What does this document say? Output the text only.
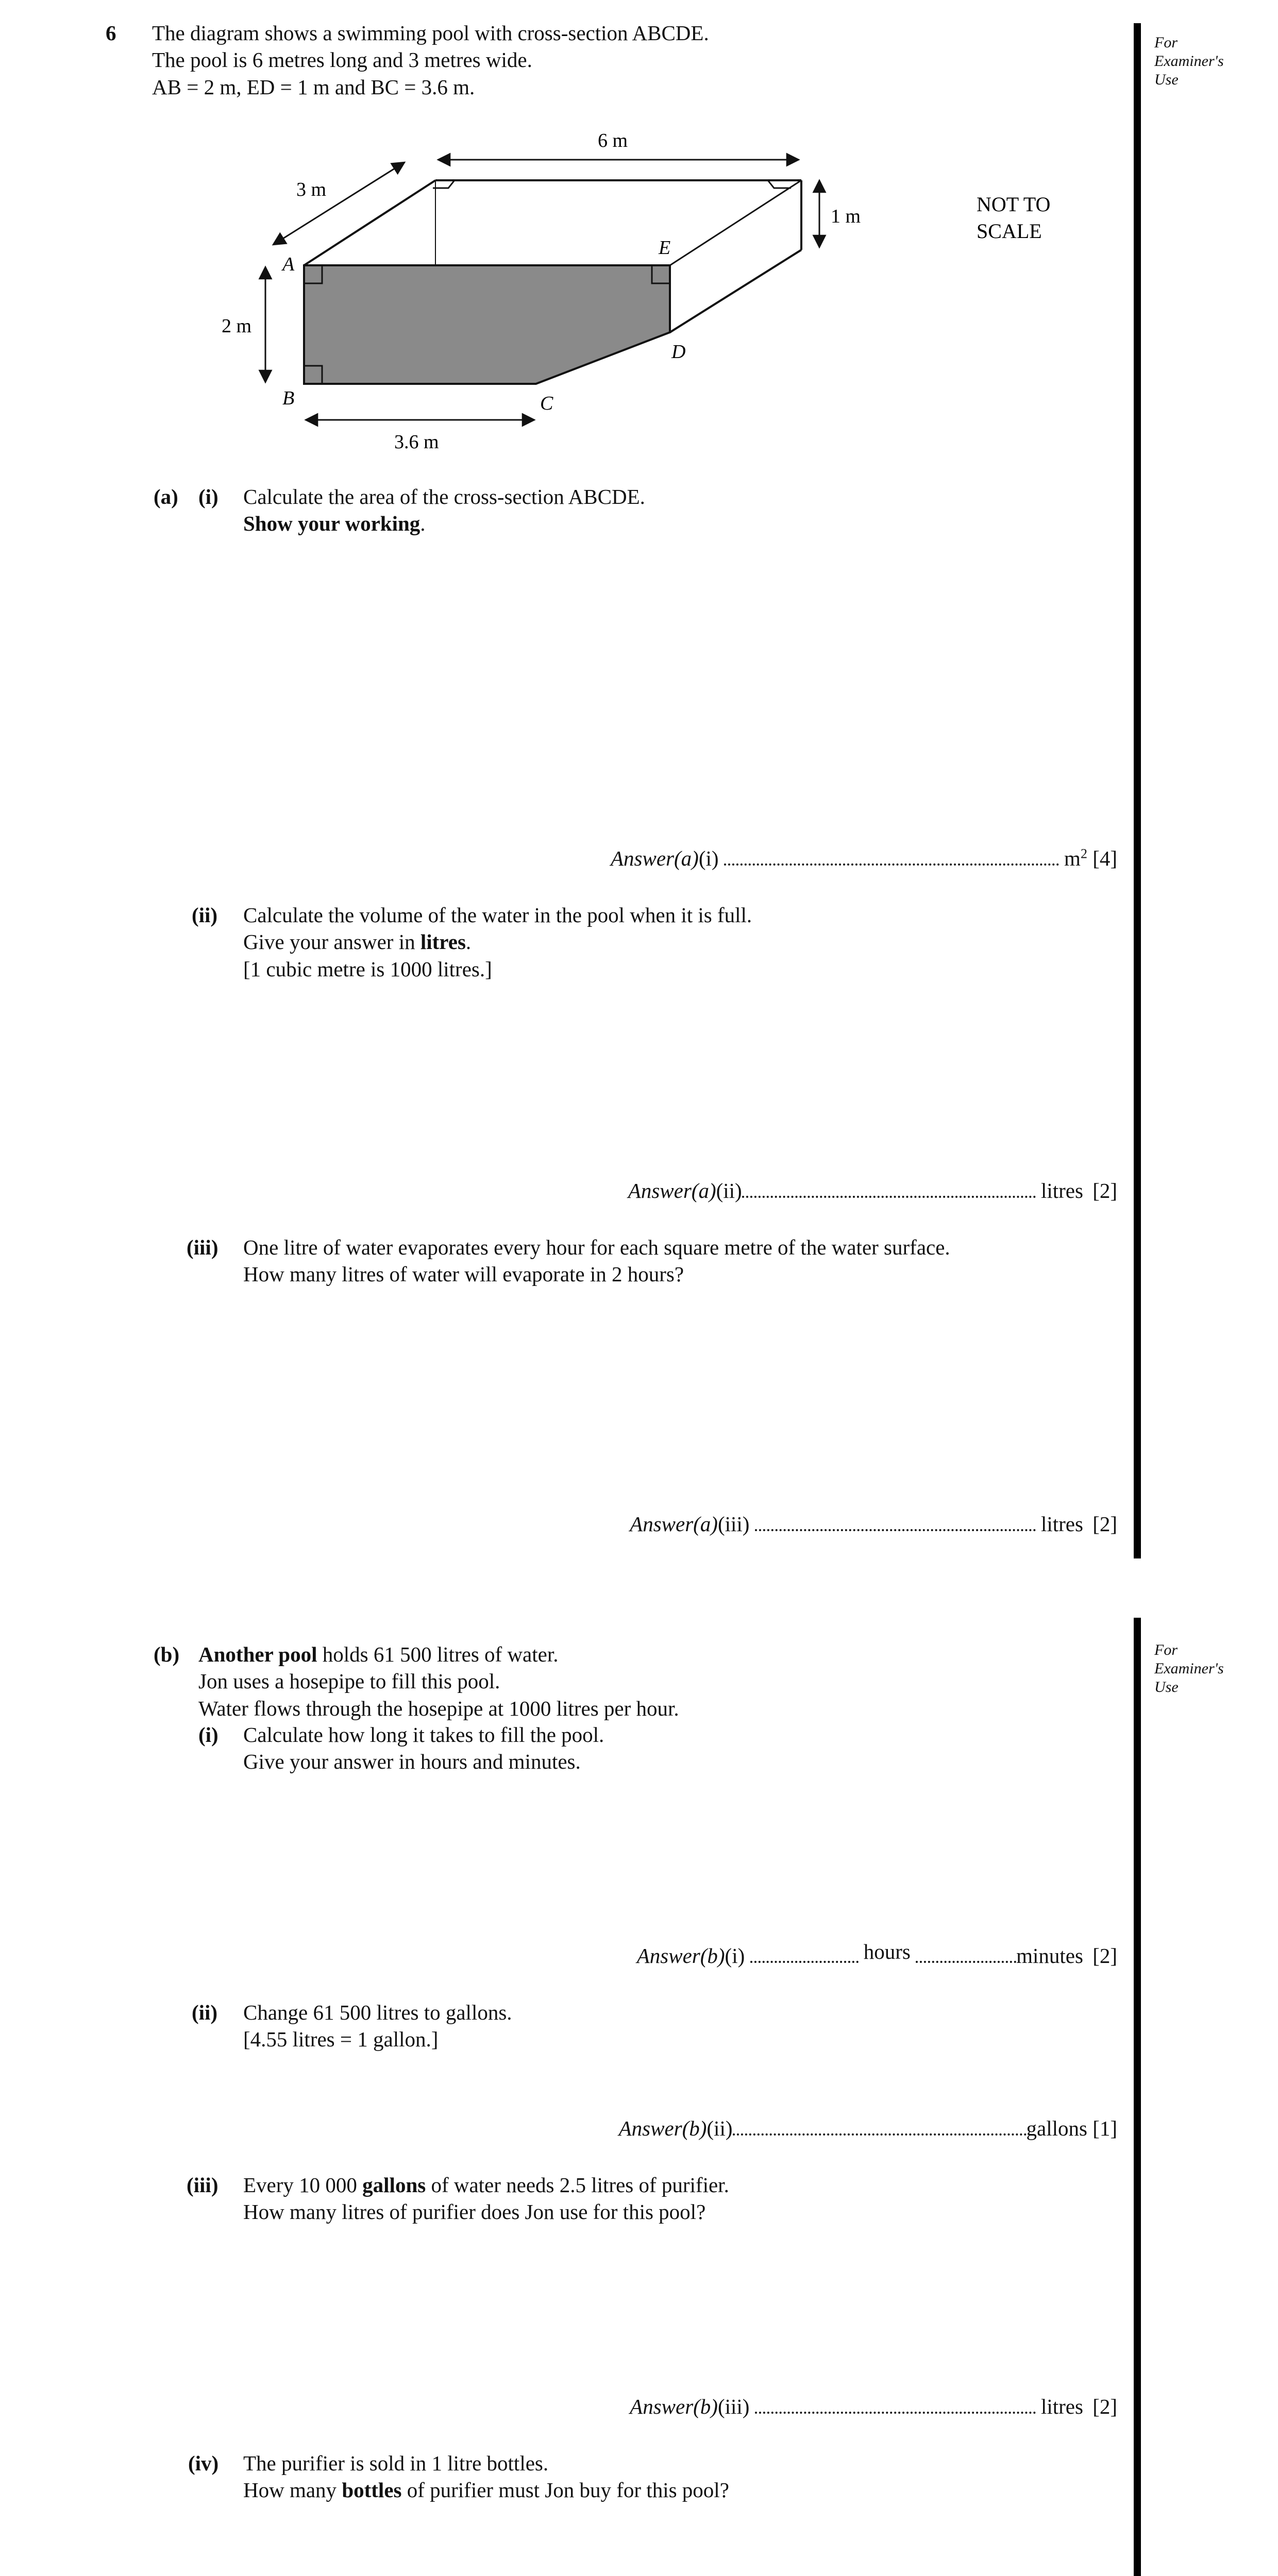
For
Examiner's
Use
For
Examiner's
Use
6 The diagram shows a swimming pool with cross-section ABCDE.
The pool is 6 metres long and 3 metres wide.
AB = 2 m, ED = 1 m and BC = 3.6 m.
6 m
3 m
1 m
2 m
3.6 m
A
B	C
D
E
NOT TO
SCALE
(a) (i) Calculate the area of the cross-section ABCDE.
Show your working.
Answer(a)(i)	$m^2$ [4]
(ii) Calculate the volume of the water in the pool when it is full.
Give your answer in litres.
[1 cubic metre is 1000 litres.]
Answer(a)(ii)	litres [2]
(iii) One litre of water evaporates every hour for each square metre of the water surface.
How many litres of water will evaporate in 2 hours?
Answer(a)(iii)	litres [2]
(b) Another pool holds 61 500 litres of water.
Jon uses a hosepipe to fill this pool.
Water flows through the hosepipe at 1000 litres per hour.
(i) Calculate how long it takes to fill the pool.
Give your answer in hours and minutes.
Answer(b)(i)	hours	minutes [2]
(ii) Change 61 500 litres to gallons.
[4.55 litres = 1 gallon.]
Answer(b)(ii)	gallons [1]
(iii) Every 10 000 gallons of water needs 2.5 litres of purifier.
How many litres of purifier does Jon use for this pool?
Answer(b)(iii)	litres [2]
(iv) The purifier is sold in 1 litre bottles.
How many bottles of purifier must Jon buy for this pool?
